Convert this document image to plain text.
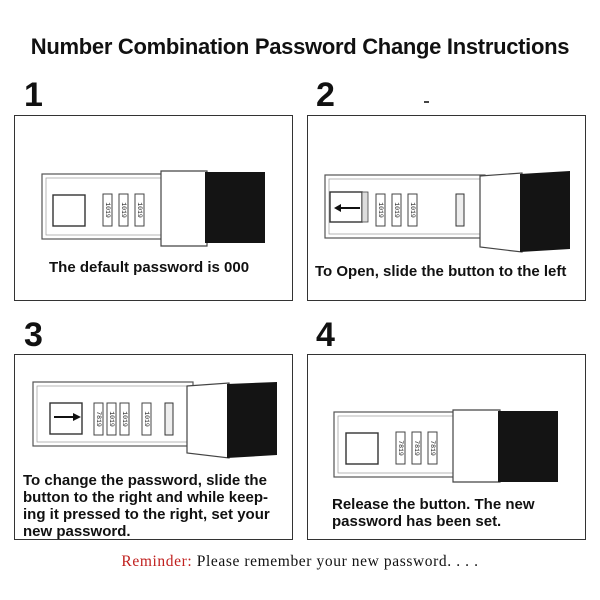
Number Combination Password Change Instructions
1
1019 1019 1019
The default password is 000
2
1019 1019 1019
To Open, slide the button to the left
3
7819 1019 1019 1019
To change the password, slide the
button to the right and while keep-
ing it pressed to the right, set your
new password.
4
7819 7819 7819
Release the button. The new
password has been set.
Reminder: Please remember your new password. . . .
